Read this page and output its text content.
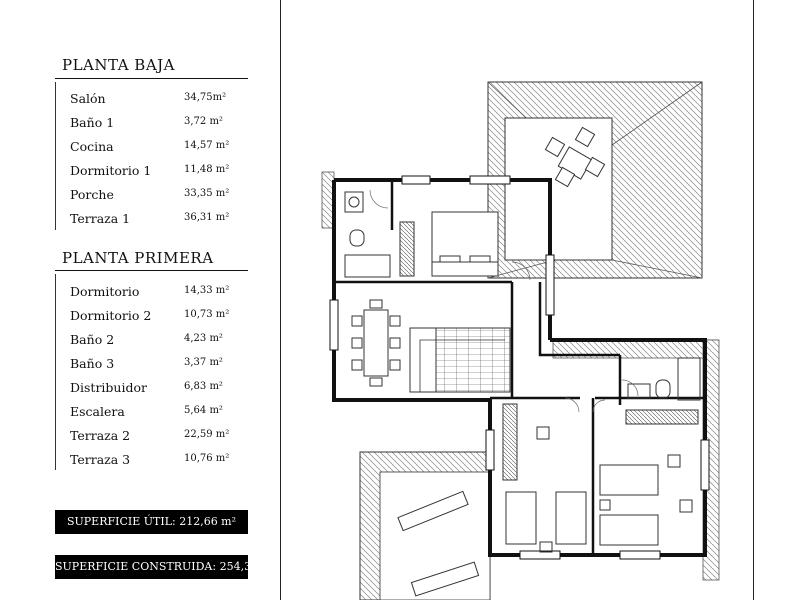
PLANTA BAJA
Salón	34,75m²
Baño 1	3,72 m²
Cocina	14,57 m²
Dormitorio 1	11,48 m²
Porche	33,35 m²
Terraza 1	36,31 m²
PLANTA PRIMERA
Dormitorio	14,33 m²
Dormitorio 2	10,73 m²
Baño 2	4,23 m²
Baño 3	3,37 m²
Distribuidor	6,83 m²
Escalera	5,64 m²
Terraza 2	22,59 m²
Terraza 3	10,76 m²
SUPERFICIE ÚTIL: 212,66 m²
SUPERFICIE CONSTRUIDA: 254,37 m²
